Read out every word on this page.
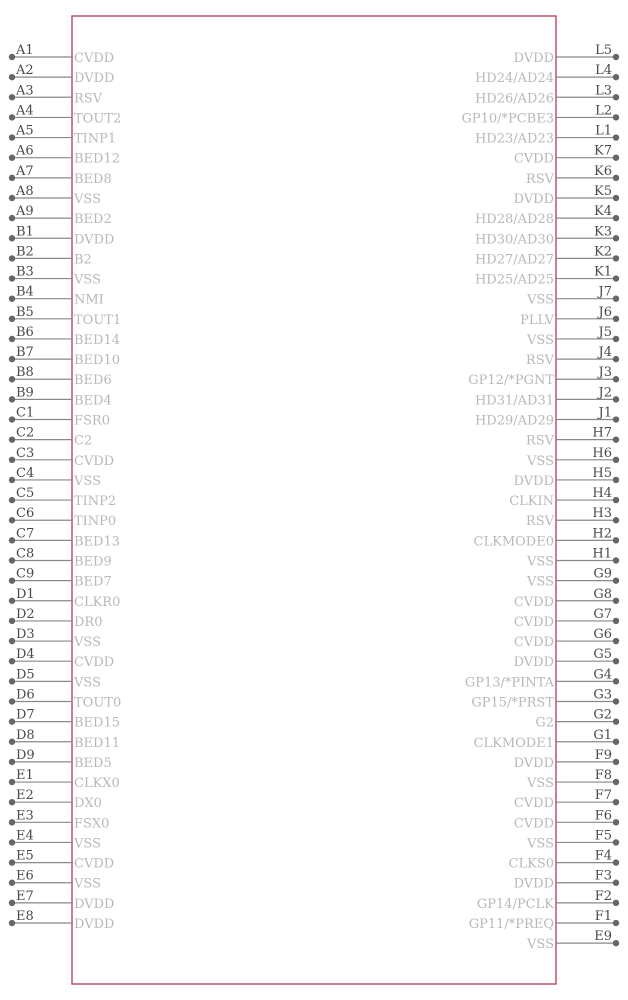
A1
CVDD
A2
DVDD
A3
RSV
A4
TOUT2
A5
TINP1
A6
BED12
A7
BED8
A8
VSS
A9
BED2
B1
DVDD
B2
B2
B3
VSS
B4
NMI
B5
TOUT1
B6
BED14
B7
BED10
B8
BED6
B9
BED4
C1
FSR0
C2
C2
C3
CVDD
C4
VSS
C5
TINP2
C6
TINP0
C7
BED13
C8
BED9
C9
BED7
D1
CLKR0
D2
DR0
D3
VSS
D4
CVDD
D5
VSS
D6
TOUT0
D7
BED15
D8
BED11
D9
BED5
E1
CLKX0
E2
DX0
E3
FSX0
E4
VSS
E5
CVDD
E6
VSS
E7
DVDD
E8
DVDD
L5
DVDD
L4
HD24/AD24
L3
HD26/AD26
L2
GP10/*PCBE3
L1
HD23/AD23
K7
CVDD
K6
RSV
K5
DVDD
K4
HD28/AD28
K3
HD30/AD30
K2
HD27/AD27
K1
HD25/AD25
J7
VSS
J6
PLLV
J5
VSS
J4
RSV
J3
GP12/*PGNT
J2
HD31/AD31
J1
HD29/AD29
H7
RSV
H6
VSS
H5
DVDD
H4
CLKIN
H3
RSV
H2
CLKMODE0
H1
VSS
G9
VSS
G8
CVDD
G7
CVDD
G6
CVDD
G5
DVDD
G4
GP13/*PINTA
G3
GP15/*PRST
G2
G2
G1
CLKMODE1
F9
DVDD
F8
VSS
F7
CVDD
F6
CVDD
F5
VSS
F4
CLKS0
F3
DVDD
F2
GP14/PCLK
F1
GP11/*PREQ
E9
VSS
